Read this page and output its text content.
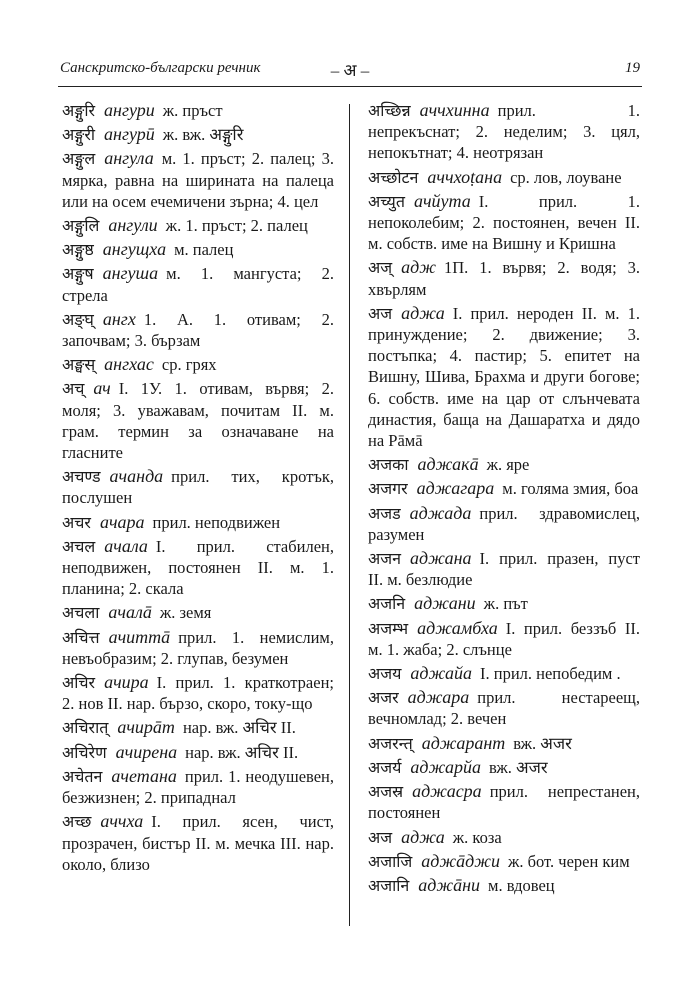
Санскритско-български речник	– अ –	19
अङ्गुरि aнгури ж. пръст
अङ्गुरी aнгурӣ ж. вж. अङ्गुरि
अङ्गुल aнгула м. 1. пръст; 2. палец; 3. мярка, равна на ширината на палеца или на осем ечемичени зърна; 4. цел
अङ्गुलि aнгули ж. 1. пръст; 2. палец
अङ्गुष्ठ aнгущха м. палец
अङ्गुष aнгуша м. 1. мангуста; 2. стрела
अङ्घ् aнгх 1. А. 1. отивам; 2. започвам; 3. бързам
अङ्घस् aнгхас ср. грях
अच् ач I. 1У. 1. отивам, вървя; 2. моля; 3. уважавам, почитам II. м. грам. термин за означаване на гласните
अचण्ड aчанда прил. тих, кротък, послушен
अचर aчара прил. неподвижен
अचल aчала I. прил. стабилен, неподвижен, постоянен II. м. 1. планина; 2. скала
अचला aчалā ж. земя
अचित्त aчиттā прил. 1. немислим, невъобразим; 2. глупав, безумен
अचिर aчира I. прил. 1. краткотраен; 2. нов II. нар. бързо, скоро, току-що
अचिरात् aчирāт нар. вж. अचिर II.
अचिरेण aчирена нар. вж. अचिर II.
अचेतन aчетана прил. 1. неодушевен, безжизнен; 2. припаднал
अच्छ aччха I. прил. ясен, чист, прозрачен, бистър II. м. мечка III. нар. около, близо
अच्छिन्न aччхинна прил. 1. непрекъснат; 2. неделим; 3. цял, непокътнат; 4. неотрязан
अच्छोटन aччхоṭана ср. лов, лоуване
अच्युत aчйута I. прил. 1. непоколебим; 2. постоянен, вечен II. м. собств. име на Вишну и Кришна
अज् aдж 1П. 1. вървя; 2. водя; 3. хвърлям
अज aджа I. прил. нероден II. м. 1. принуждение; 2. движение; 3. постъпка; 4. пастир; 5. епитет на Вишну, Шива, Брахма и други богове; 6. собств. име на цар от слънчевата династия, баща на Дашаратха и дядо на Рāмā
अजका aджакā ж. яре
अजगर aджагара м. голяма змия, боа
अजड aджада прил. здравомислец, разумен
अजन aджана I. прил. празен, пуст II. м. безлюдие
अजनि aджани ж. път
अजम्भ aджамбха I. прил. беззъб II. м. 1. жаба; 2. слънце
अजय aджайа I. прил. непобедим .
अजर aджара прил. нестареещ, вечномлад; 2. вечен
अजरन्त् aджарант вж. अजर
अजर्य aджарйа вж. अजर
अजस्र aджасра прил. непрестанен, постоянен
अज aджа ж. коза
अजाजि aджāджи ж. бот. черен ким
अजानि aджāни м. вдовец
